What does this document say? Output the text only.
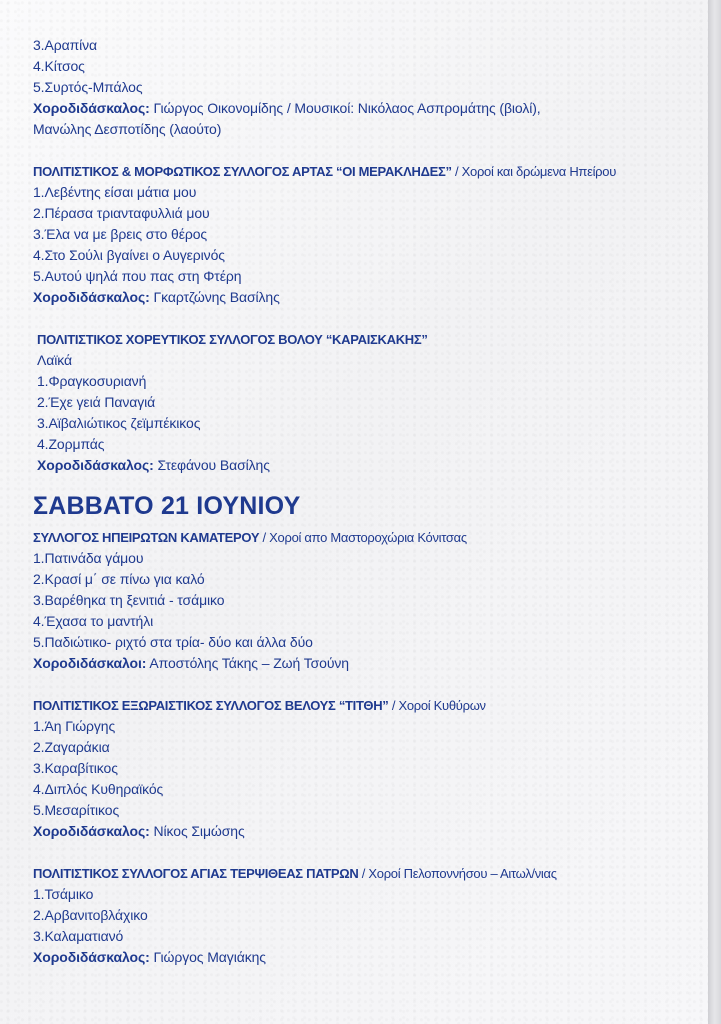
3.Αραπίνα
4.Κίτσος
5.Συρτός-Μπάλος
Χοροδιδάσκαλος: Γιώργος Οικονομίδης / Μουσικοί: Νικόλαος Ασπρομάτης (βιολί),
Μανώλης Δεσποτίδης (λαούτο)
ΠΟΛΙΤΙΣΤΙΚΟΣ & ΜΟΡΦΩΤΙΚΟΣ ΣΥΛΛΟΓΟΣ ΑΡΤΑΣ “ΟΙ ΜΕΡΑΚΛΗΔΕΣ” / Χοροί και δρώμενα Ηπείρου
1.Λεβέντης είσαι μάτια μου
2.Πέρασα τριανταφυλλιά μου
3.Έλα να με βρεις στο θέρος
4.Στο Σούλι βγαίνει ο Αυγερινός
5.Αυτού ψηλά που πας στη Φτέρη
Χοροδιδάσκαλος: Γκαρτζώνης Βασίλης
ΠΟΛΙΤΙΣΤΙΚΟΣ ΧΟΡΕΥΤΙΚΟΣ ΣΥΛΛΟΓΟΣ ΒΟΛΟΥ “ΚΑΡΑΙΣΚΑΚΗΣ”
Λαϊκά
1.Φραγκοσυριανή
2.Έχε γειά Παναγιά
3.Αϊβαλιώτικος ζεϊμπέκικος
4.Ζορμπάς
Χοροδιδάσκαλος: Στεφάνου Βασίλης
ΣΑΒΒΑΤΟ 21 ΙΟΥΝΙΟΥ
ΣΥΛΛΟΓΟΣ ΗΠΕΙΡΩΤΩΝ ΚΑΜΑΤΕΡΟΥ / Χοροί απο Μαστοροχώρια Κόνιτσας
1.Πατινάδα γάμου
2.Κρασί μ΄ σε πίνω για καλό
3.Βαρέθηκα τη ξενιτιά - τσάμικο
4.Έχασα το μαντήλι
5.Παδιώτικο- ριχτό στα τρία- δύο και άλλα δύο
Χοροδιδάσκαλοι: Αποστόλης Τάκης – Ζωή Τσούνη
ΠΟΛΙΤΙΣΤΙΚΟΣ ΕΞΩΡΑΙΣΤΙΚΟΣ ΣΥΛΛΟΓΟΣ ΒΕΛΟΥΣ “ΤΙΤΘΗ” / Χοροί Κυθύρων
1.Άη Γιώργης
2.Ζαγαράκια
3.Καραβίτικος
4.Διπλός Κυθηραϊκός
5.Μεσαρίτικος
Χοροδιδάσκαλος: Νίκος Σιμώσης
ΠΟΛΙΤΙΣΤΙΚΟΣ ΣΥΛΛΟΓΟΣ ΑΓΙΑΣ ΤΕΡΨΙΘΕΑΣ ΠΑΤΡΩΝ / Χοροί Πελοποννήσου – Αιτωλ/νιας
1.Τσάμικο
2.Αρβανιτοβλάχικο
3.Καλαματιανό
Χοροδιδάσκαλος: Γιώργος Μαγιάκης
